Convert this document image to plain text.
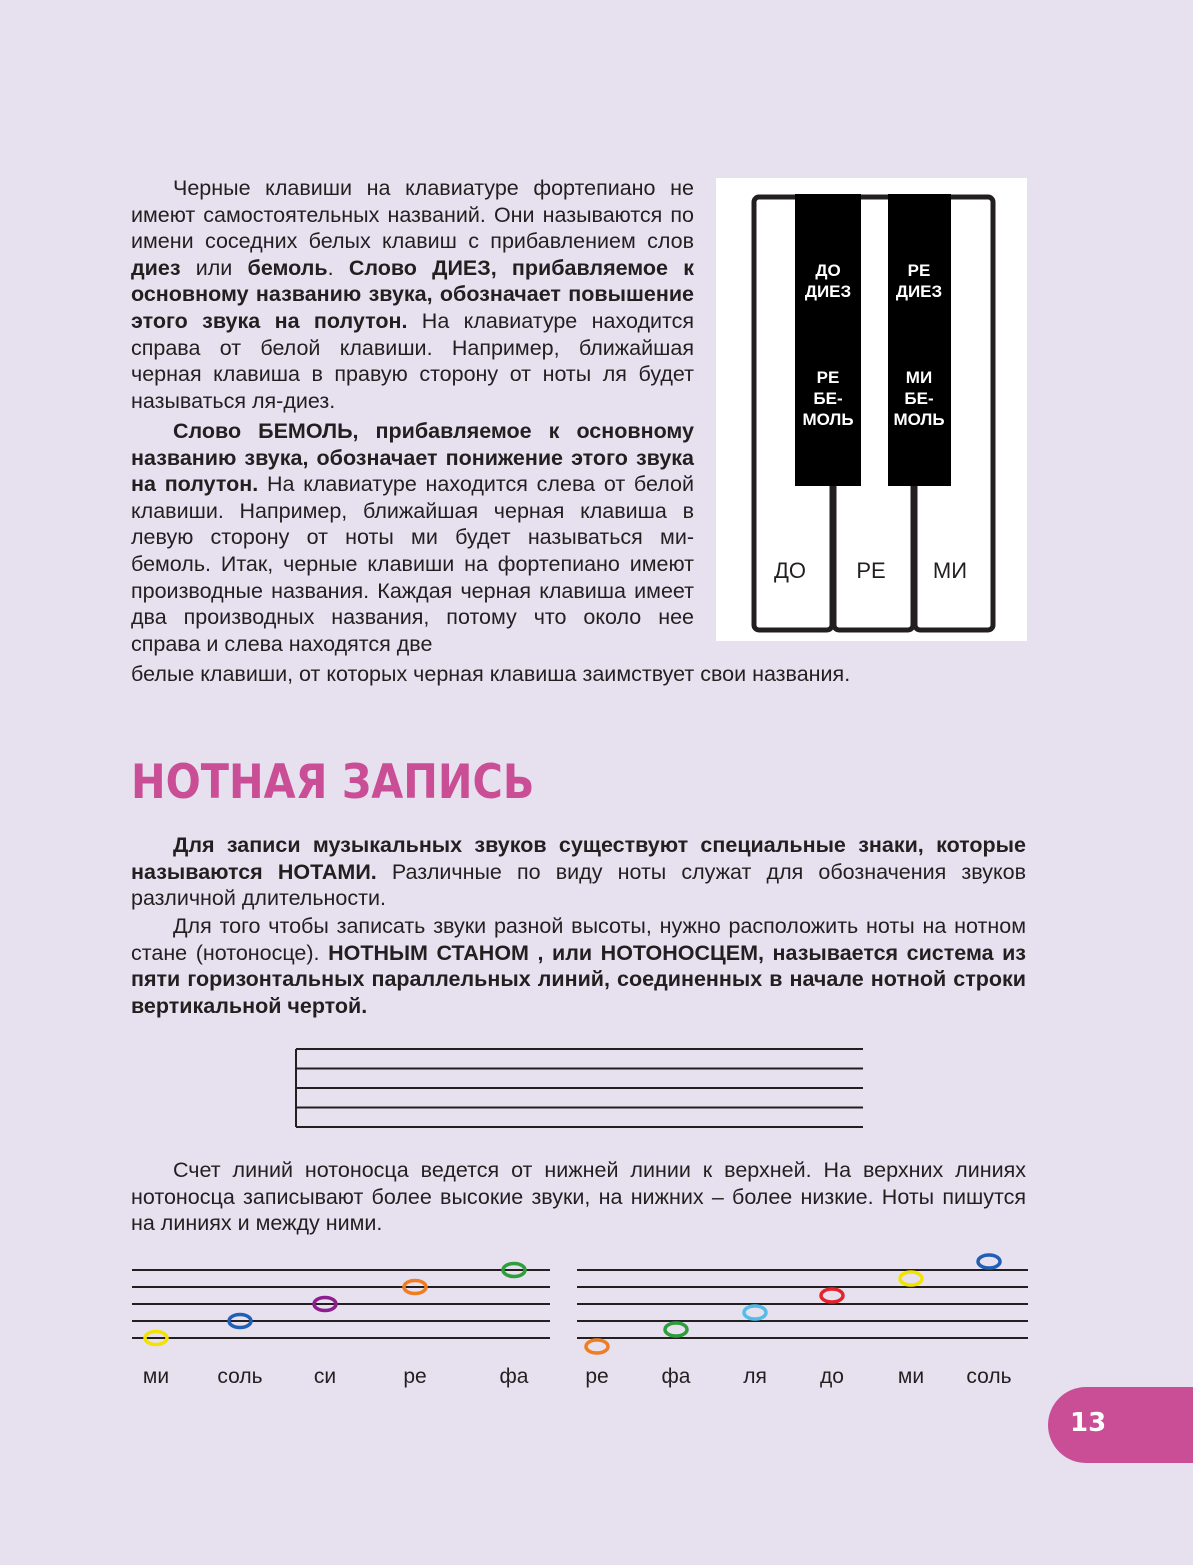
Черные клавиши на клавиатуре фортепиано не имеют самостоятельных названий. Они называются по имени соседних белых клавиш с прибавлением слов диез или бемоль. Слово ДИЕЗ, прибавляемое к основному названию звука, обозначает повышение этого звука на полутон. На клавиатуре находится справа от белой клавиши. Например, ближайшая черная клавиша в правую сторону от ноты ля будет называться ля-диез.

Слово БЕМОЛЬ, прибавляемое к основному названию звука, обозначает понижение этого звука на полутон. На клавиатуре находится слева от белой клавиши. Например, ближайшая черная клавиша в левую сторону от ноты ми будет называться ми-бемоль. Итак, черные клавиши на фортепиано имеют производные названия. Каждая черная клавиша имеет два производных названия, потому что около нее справа и слева находятся две

белые клавиши, от которых черная клавиша заимствует свои названия.

ДО РЕ МИ
ДО
ДИЕЗ
РЕ
БЕ-
МОЛЬ
РЕ
ДИЕЗ
МИ
БЕ-
МОЛЬ
НОТНАЯ ЗАПИСЬ

Для записи музыкальных звуков существуют специальные знаки, которые называются НОТАМИ. Различные по виду ноты служат для обозначения звуков различной длительности.

Для того чтобы записать звуки разной высоты, нужно расположить ноты на нотном стане (нотоносце). НОТНЫМ СТАНОМ , или НОТОНОСЦЕМ, называется система из пяти горизонтальных параллельных линий, соединенных в начале нотной строки вертикальной чертой.

Счет линий нотоносца ведется от нижней линии к верхней. На верхних линиях нотоносца записывают более высокие звуки, на нижних – более низкие. Ноты пишутся на линиях и между ними.

ми соль си	ре	фа	ре	фа	ля	до	ми соль
13
